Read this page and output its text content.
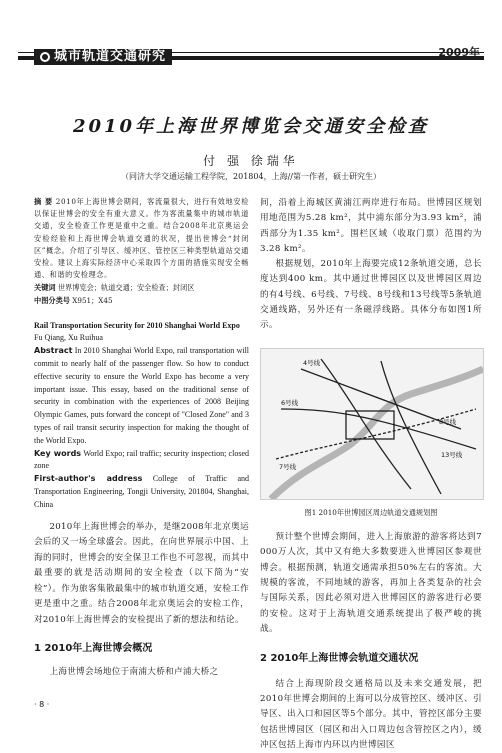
城市轨道交通研究	2009年
2010年上海世界博览会交通安全检查
付 强 徐瑞华
（同济大学交通运输工程学院，201804，上海//第一作者，硕士研究生）

摘 要 2010年上海世博会期间，客流量很大，进行有效地安检以保证世博会的安全有重大意义。作为客流量集中的城市轨道交通，安全检查工作更是重中之重。结合2008年北京奥运会安检经验和上海世博会轨道交通的状况，提出世博会“封闭区”概念。介绍了引导区、缓冲区、管控区三种类型轨道站交通安检。建议上海实际经济中心采取四个方面的措施实现安全畅通、和谐的安检理念。

关键词 世界博览会；轨道交通；安全检查；封闭区

中图分类号 X951；X45

Rail Transportation Security for 2010 Shanghai World Expo

Fu Qiang, Xu Ruihua

Abstract In 2010 Shanghai World Expo, rail transportation will commit to nearly half of the passenger flow. So how to conduct effective security to ensure the World Expo has become a very important issue. This essay, based on the traditional sense of security in combination with the experiences of 2008 Beijing Olympic Games, puts forward the concept of "Closed Zone" and 3 types of rail transit security inspection for making the thought of the World Expo.

Key words World Expo; rail traffic; security inspection; closed zone

First-author's address College of Traffic and Transportation Engineering, Tongji University, 201804, Shanghai, China

2010年上海世博会的举办，是继2008年北京奥运会后的又一场全球盛会。因此，在向世界展示中国、上海的同时，世博会的安全保卫工作也不可忽视，而其中最重要的就是活动期间的安全检查（以下简为“安检”）。作为旅客集散最集中的城市轨道交通，安检工作更是重中之重。结合2008年北京奥运会的安检工作，对2010年上海世博会的安检提出了新的想法和结论。

1 2010年上海世博会概况

上海世博会场地位于南浦大桥和卢浦大桥之

间，沿着上海城区黄浦江两岸进行布局。世博园区规划用地范围为5.28 km²，其中浦东部分为3.93 km²，浦西部分为1.35 km²。围栏区域（收取门票）范围约为3.28 km²。

根据规划，2010年上海要完成12条轨道交通，总长度达到400 km。其中通过世博园区以及世博园区周边的有4号线、6号线、7号线、8号线和13号线等5条轨道交通线路，另外还有一条磁浮线路。具体分布如图1所示。

4号线
6号线
8号线
13号线
7号线

图1 2010年世博园区周边轨道交通规划图

预计整个世博会期间，进入上海旅游的游客将达到7 000万人次，其中又有绝大多数要进入世博园区参观世博会。根据预测，轨道交通需承担50%左右的客流。大规模的客流，不同地域的游客，再加上各类复杂的社会与国际关系，因此必须对进入世博园区的游客进行必要的安检。这对于上海轨道交通系统提出了极严峻的挑战。

2 2010年上海世博会轨道交通状况

结合上海现阶段交通格局以及未来交通发展，把2010年世博会期间的上海可以分成管控区、缓冲区、引导区、出入口和园区等5个部分。其中，管控区部分主要包括世博园区（园区和出入口周边包含管控区之内），缓冲区包括上海市内环以内世博园区

· 8 ·
